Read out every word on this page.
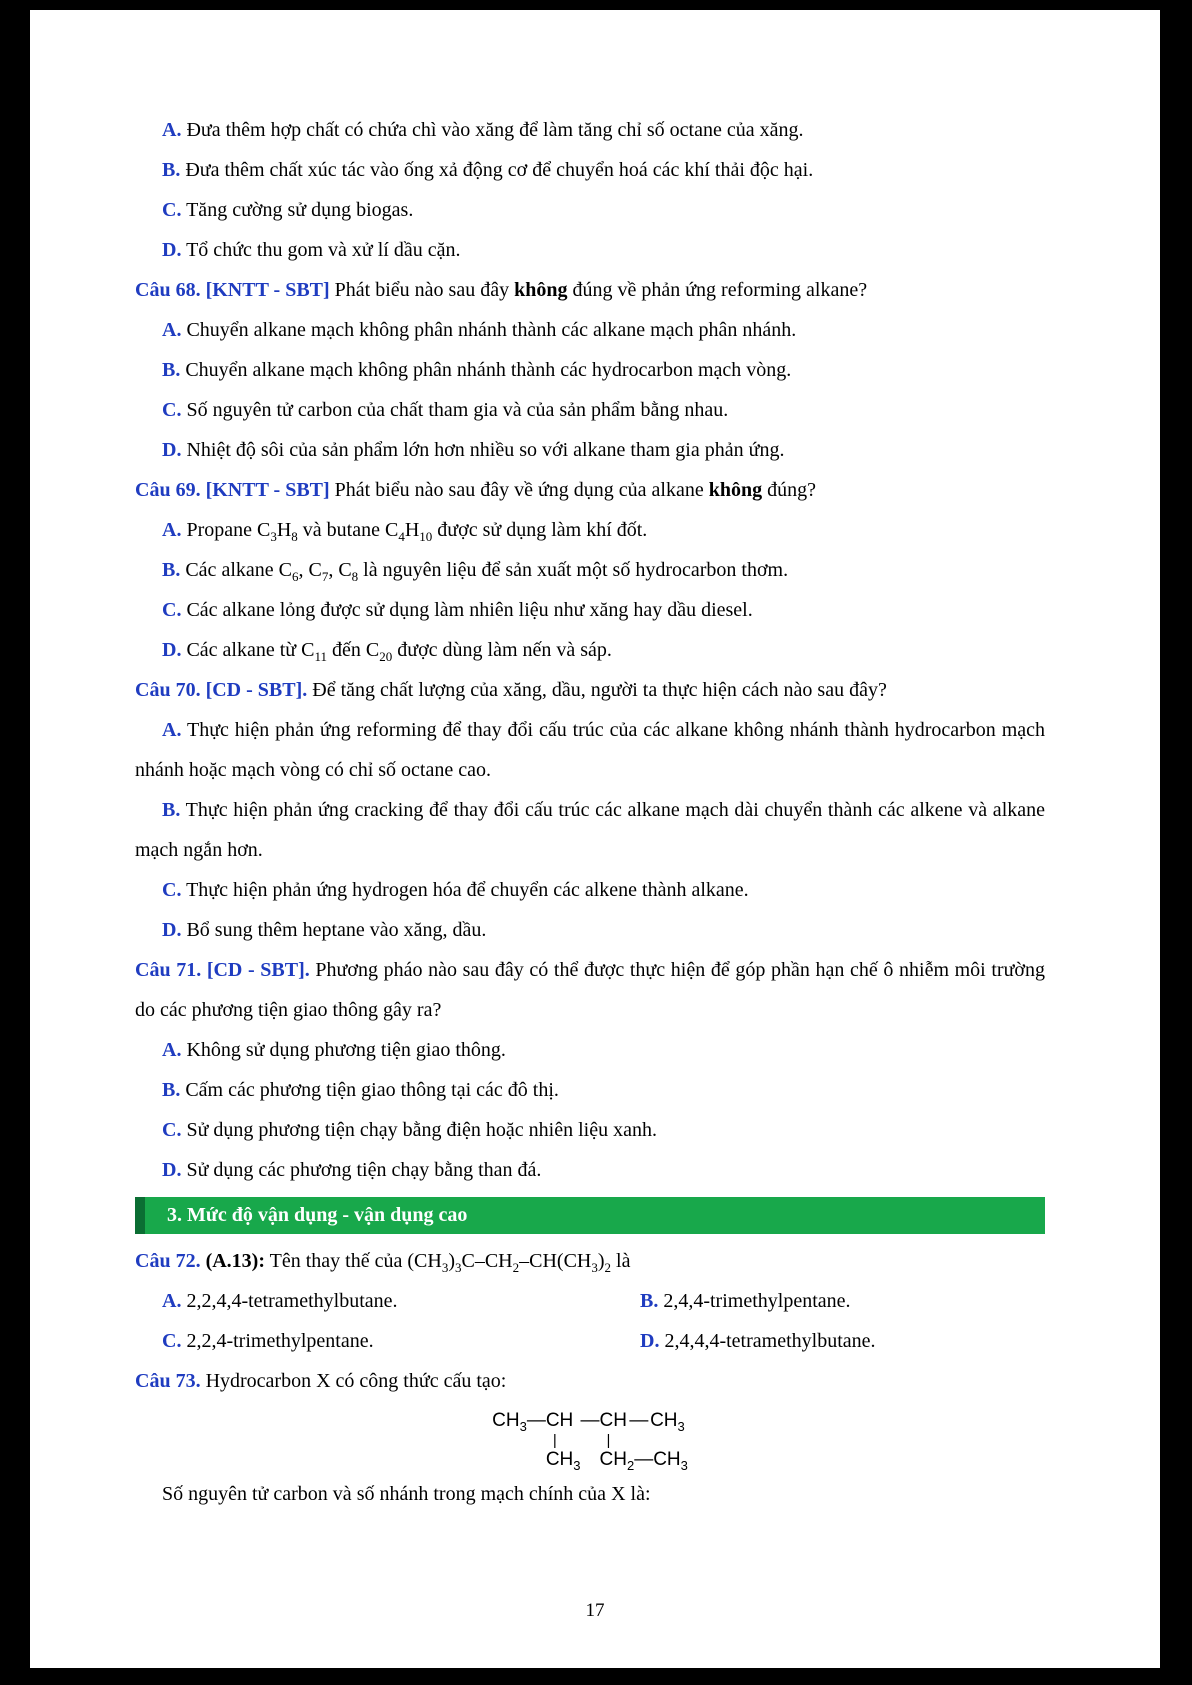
A. Đưa thêm hợp chất có chứa chì vào xăng để làm tăng chỉ số octane của xăng.

B. Đưa thêm chất xúc tác vào ống xả động cơ để chuyển hoá các khí thải độc hại.

C. Tăng cường sử dụng biogas.

D. Tổ chức thu gom và xử lí dầu cặn.

Câu 68. [KNTT - SBT] Phát biểu nào sau đây không đúng về phản ứng reforming alkane?

A. Chuyển alkane mạch không phân nhánh thành các alkane mạch phân nhánh.

B. Chuyển alkane mạch không phân nhánh thành các hydrocarbon mạch vòng.

C. Số nguyên tử carbon của chất tham gia và của sản phẩm bằng nhau.

D. Nhiệt độ sôi của sản phẩm lớn hơn nhiều so với alkane tham gia phản ứng.

Câu 69. [KNTT - SBT] Phát biểu nào sau đây về ứng dụng của alkane không đúng?

A. Propane $C_3H_8$ và butane $C_4H_{10}$ được sử dụng làm khí đốt.

B. Các alkane $C_6$, $C_7$, $C_8$ là nguyên liệu để sản xuất một số hydrocarbon thơm.

C. Các alkane lỏng được sử dụng làm nhiên liệu như xăng hay dầu diesel.

D. Các alkane từ $C_{11}$ đến $C_{20}$ được dùng làm nến và sáp.

Câu 70. [CD - SBT]. Để tăng chất lượng của xăng, dầu, người ta thực hiện cách nào sau đây?

A. Thực hiện phản ứng reforming để thay đổi cấu trúc của các alkane không nhánh thành hydrocarbon mạch nhánh hoặc mạch vòng có chỉ số octane cao.

B. Thực hiện phản ứng cracking để thay đổi cấu trúc các alkane mạch dài chuyển thành các alkene và alkane mạch ngắn hơn.

C. Thực hiện phản ứng hydrogen hóa để chuyển các alkene thành alkane.

D. Bổ sung thêm heptane vào xăng, dầu.

Câu 71. [CD - SBT]. Phương pháo nào sau đây có thể được thực hiện để góp phần hạn chế ô nhiễm môi trường do các phương tiện giao thông gây ra?

A. Không sử dụng phương tiện giao thông.

B. Cấm các phương tiện giao thông tại các đô thị.

C. Sử dụng phương tiện chạy bằng điện hoặc nhiên liệu xanh.

D. Sử dụng các phương tiện chạy bằng than đá.

3. Mức độ vận dụng - vận dụng cao

Câu 72. (A.13): Tên thay thế của $(CH_3)_3C-CH_2-CH(CH_3)_2$ là

A. 2,2,4,4-tetramethylbutane.	B. 2,4,4-trimethylpentane.

C. 2,2,4-trimethylpentane.	D. 2,4,4,4-tetramethylbutane.

Câu 73. Hydrocarbon X có công thức cấu tạo:

$CH_3$	—	CH	—	CH	—	$CH_3$
		|		|		
		$CH_3$		$CH_2—CH_3$

Số nguyên tử carbon và số nhánh trong mạch chính của X là:

17
